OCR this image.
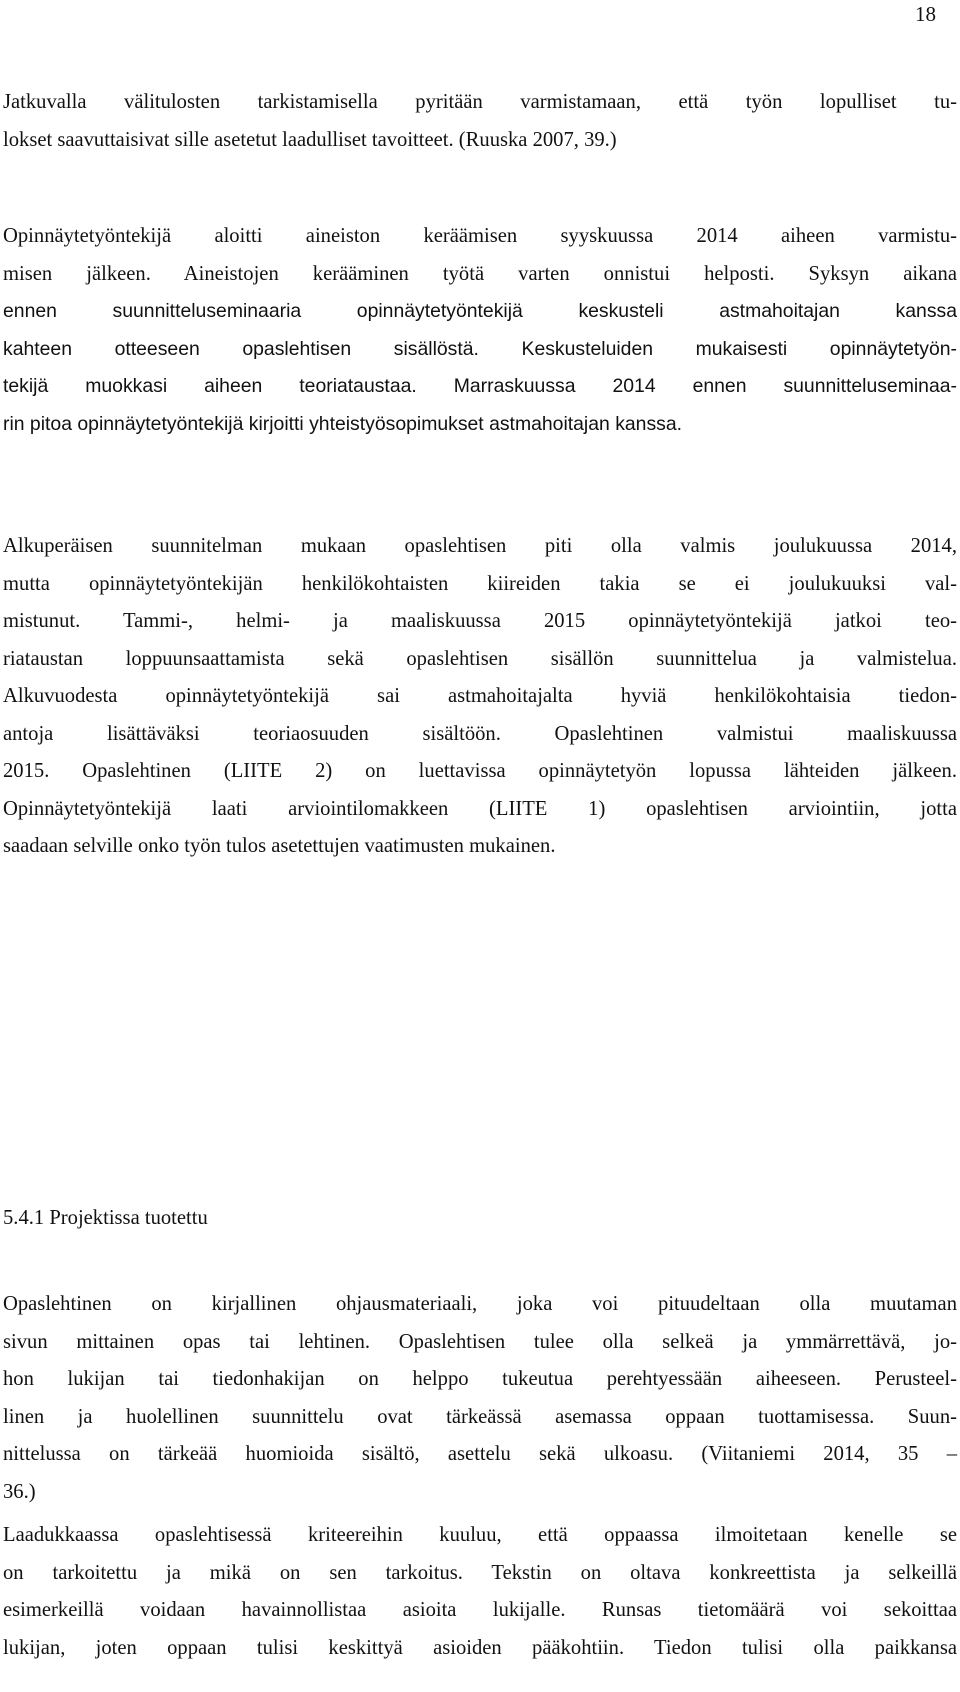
18
Jatkuvalla välitulosten tarkistamisella pyritään varmistamaan, että työn lopulliset tu-
lokset saavuttaisivat sille asetetut laadulliset tavoitteet. (Ruuska 2007, 39.)
Opinnäytetyöntekijä aloitti aineiston keräämisen syyskuussa 2014 aiheen varmistu-
misen jälkeen. Aineistojen kerääminen työtä varten onnistui helposti. Syksyn aikana
ennen suunnitteluseminaaria opinnäytetyöntekijä keskusteli astmahoitajan kanssa
kahteen otteeseen opaslehtisen sisällöstä. Keskusteluiden mukaisesti opinnäytetyön-
tekijä muokkasi aiheen teoriataustaa. Marraskuussa 2014 ennen suunnitteluseminaa-
rin pitoa opinnäytetyöntekijä kirjoitti yhteistyösopimukset astmahoitajan kanssa.
Alkuperäisen suunnitelman mukaan opaslehtisen piti olla valmis joulukuussa 2014,
mutta opinnäytetyöntekijän henkilökohtaisten kiireiden takia se ei joulukuuksi val-
mistunut. Tammi-, helmi- ja maaliskuussa 2015 opinnäytetyöntekijä jatkoi teo-
riataustan loppuunsaattamista sekä opaslehtisen sisällön suunnittelua ja valmistelua.
Alkuvuodesta opinnäytetyöntekijä sai astmahoitajalta hyviä henkilökohtaisia tiedon-
antoja lisättäväksi teoriaosuuden sisältöön. Opaslehtinen valmistui maaliskuussa
2015. Opaslehtinen (LIITE 2) on luettavissa opinnäytetyön lopussa lähteiden jälkeen.
Opinnäytetyöntekijä laati arviointilomakkeen (LIITE 1) opaslehtisen arviointiin, jotta
saadaan selville onko työn tulos asetettujen vaatimusten mukainen.
5.4.1 Projektissa tuotettu
Opaslehtinen on kirjallinen ohjausmateriaali, joka voi pituudeltaan olla muutaman
sivun mittainen opas tai lehtinen. Opaslehtisen tulee olla selkeä ja ymmärrettävä, jo-
hon lukijan tai tiedonhakijan on helppo tukeutua perehtyessään aiheeseen. Perusteel-
linen ja huolellinen suunnittelu ovat tärkeässä asemassa oppaan tuottamisessa. Suun-
nittelussa on tärkeää huomioida sisältö, asettelu sekä ulkoasu. (Viitaniemi 2014, 35 –
36.)
Laadukkaassa opaslehtisessä kriteereihin kuuluu, että oppaassa ilmoitetaan kenelle se
on tarkoitettu ja mikä on sen tarkoitus. Tekstin on oltava konkreettista ja selkeillä
esimerkeillä voidaan havainnollistaa asioita lukijalle. Runsas tietomäärä voi sekoittaa
lukijan, joten oppaan tulisi keskittyä asioiden pääkohtiin. Tiedon tulisi olla paikkansa
